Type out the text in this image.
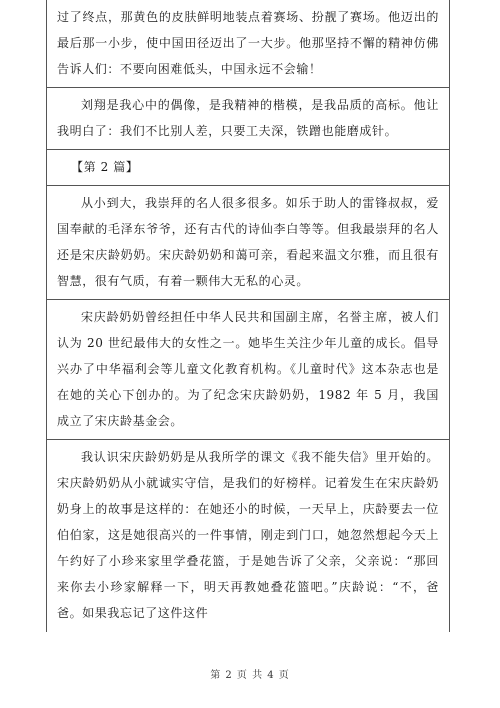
过了终点，那黄色的皮肤鲜明地装点着赛场、扮靓了赛场。他迈出的最后那一小步，使中国田径迈出了一大步。他那坚持不懈的精神仿佛告诉人们：不要向困难低头，中国永远不会输！

刘翔是我心中的偶像，是我精神的楷模，是我品质的高标。他让我明白了：我们不比别人差，只要工夫深，铁蹭也能磨成针。

【第 2 篇】

从小到大，我崇拜的名人很多很多。如乐于助人的雷锋叔叔，爱国奉献的毛泽东爷爷，还有古代的诗仙李白等等。但我最崇拜的名人还是宋庆龄奶奶。宋庆龄奶奶和蔼可亲，看起来温文尔雅，而且很有智慧，很有气质，有着一颗伟大无私的心灵。

宋庆龄奶奶曾经担任中华人民共和国副主席，名誉主席，被人们认为 20 世纪最伟大的女性之一。她毕生关注少年儿童的成长。倡导兴办了中华福利会等儿童文化教育机构。《儿童时代》这本杂志也是在她的关心下创办的。为了纪念宋庆龄奶奶，1982 年 5 月，我国成立了宋庆龄基金会。

我认识宋庆龄奶奶是从我所学的课文《我不能失信》里开始的。宋庆龄奶奶从小就诚实守信，是我们的好榜样。记着发生在宋庆龄奶奶身上的故事是这样的：在她还小的时候，一天早上，庆龄要去一位伯伯家，这是她很高兴的一件事情，刚走到门口，她忽然想起今天上午约好了小珍来家里学叠花篮，于是她告诉了父亲，父亲说：“那回来你去小珍家解释一下，明天再教她叠花篮吧。”庆龄说：“不，爸爸。如果我忘记了这件这件

第 2 页 共 4 页
